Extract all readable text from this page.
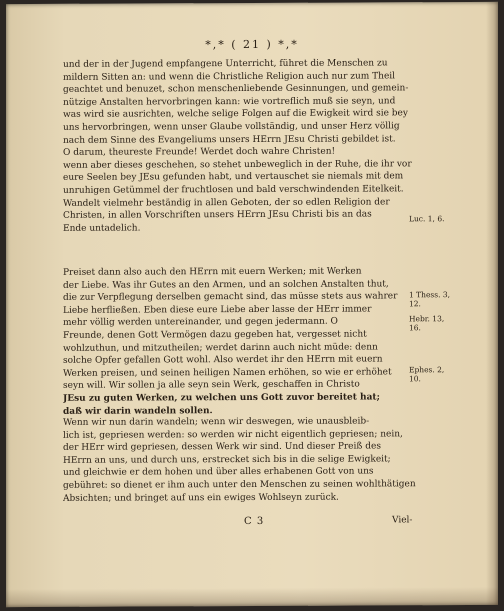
*,* ( 21 ) *,*
und der in der Jugend empfangene Unterricht, führet die Menschen zu
mildern Sitten an: und wenn die Christliche Religion auch nur zum Theil
geachtet und benuzet, schon menschenliebende Gesinnungen, und gemein-
nützige Anstalten hervorbringen kann: wie vortreflich muß sie seyn, und
was wird sie ausrichten, welche selige Folgen auf die Ewigkeit wird sie bey
uns hervorbringen, wenn unser Glaube vollständig, und unser Herz völlig
nach dem Sinne des Evangeliums unsers HErrn JEsu Christi gebildet ist.
O darum, theureste Freunde! Werdet doch wahre Christen!
wenn aber dieses geschehen, so stehet unbeweglich in der Ruhe, die ihr vor
eure Seelen bey JEsu gefunden habt, und vertauschet sie niemals mit dem
unruhigen Getümmel der fruchtlosen und bald verschwindenden Eitelkeit.
Wandelt vielmehr beständig in allen Geboten, der so edlen Religion der
Christen, in allen Vorschriften unsers HErrn JEsu Christi bis an das
Ende untadelich.
Preiset dann also auch den HErrn mit euern Werken; mit Werken
der Liebe. Was ihr Gutes an den Armen, und an solchen Anstalten thut,
die zur Verpflegung derselben gemacht sind, das müsse stets aus wahrer
Liebe herfließen. Eben diese eure Liebe aber lasse der HErr immer
mehr völlig werden untereinander, und gegen jedermann. O
Freunde, denen Gott Vermögen dazu gegeben hat, vergesset nicht
wohlzuthun, und mitzutheilen; werdet darinn auch nicht müde: denn
solche Opfer gefallen Gott wohl. Also werdet ihr den HErrn mit euern
Werken preisen, und seinen heiligen Namen erhöhen, so wie er erhöhet
seyn will. Wir sollen ja alle seyn sein Werk, geschaffen in Christo
JEsu zu guten Werken, zu welchen uns Gott zuvor bereitet hat;
daß wir darin wandeln sollen.
Wenn wir nun darin wandeln; wenn wir deswegen, wie unausbleib-
lich ist, gepriesen werden: so werden wir nicht eigentlich gepriesen; nein,
der HErr wird gepriesen, dessen Werk wir sind. Und dieser Preiß des
HErrn an uns, und durch uns, erstrecket sich bis in die selige Ewigkeit;
und gleichwie er dem hohen und über alles erhabenen Gott von uns
gebühret: so dienet er ihm auch unter den Menschen zu seinen wohlthätigen
Absichten; und bringet auf uns ein ewiges Wohlseyn zurück.
Luc. 1, 6.
1 Thess. 3,
12.
Hebr. 13,
16.
Ephes. 2,
10.
C 3	Viel-
